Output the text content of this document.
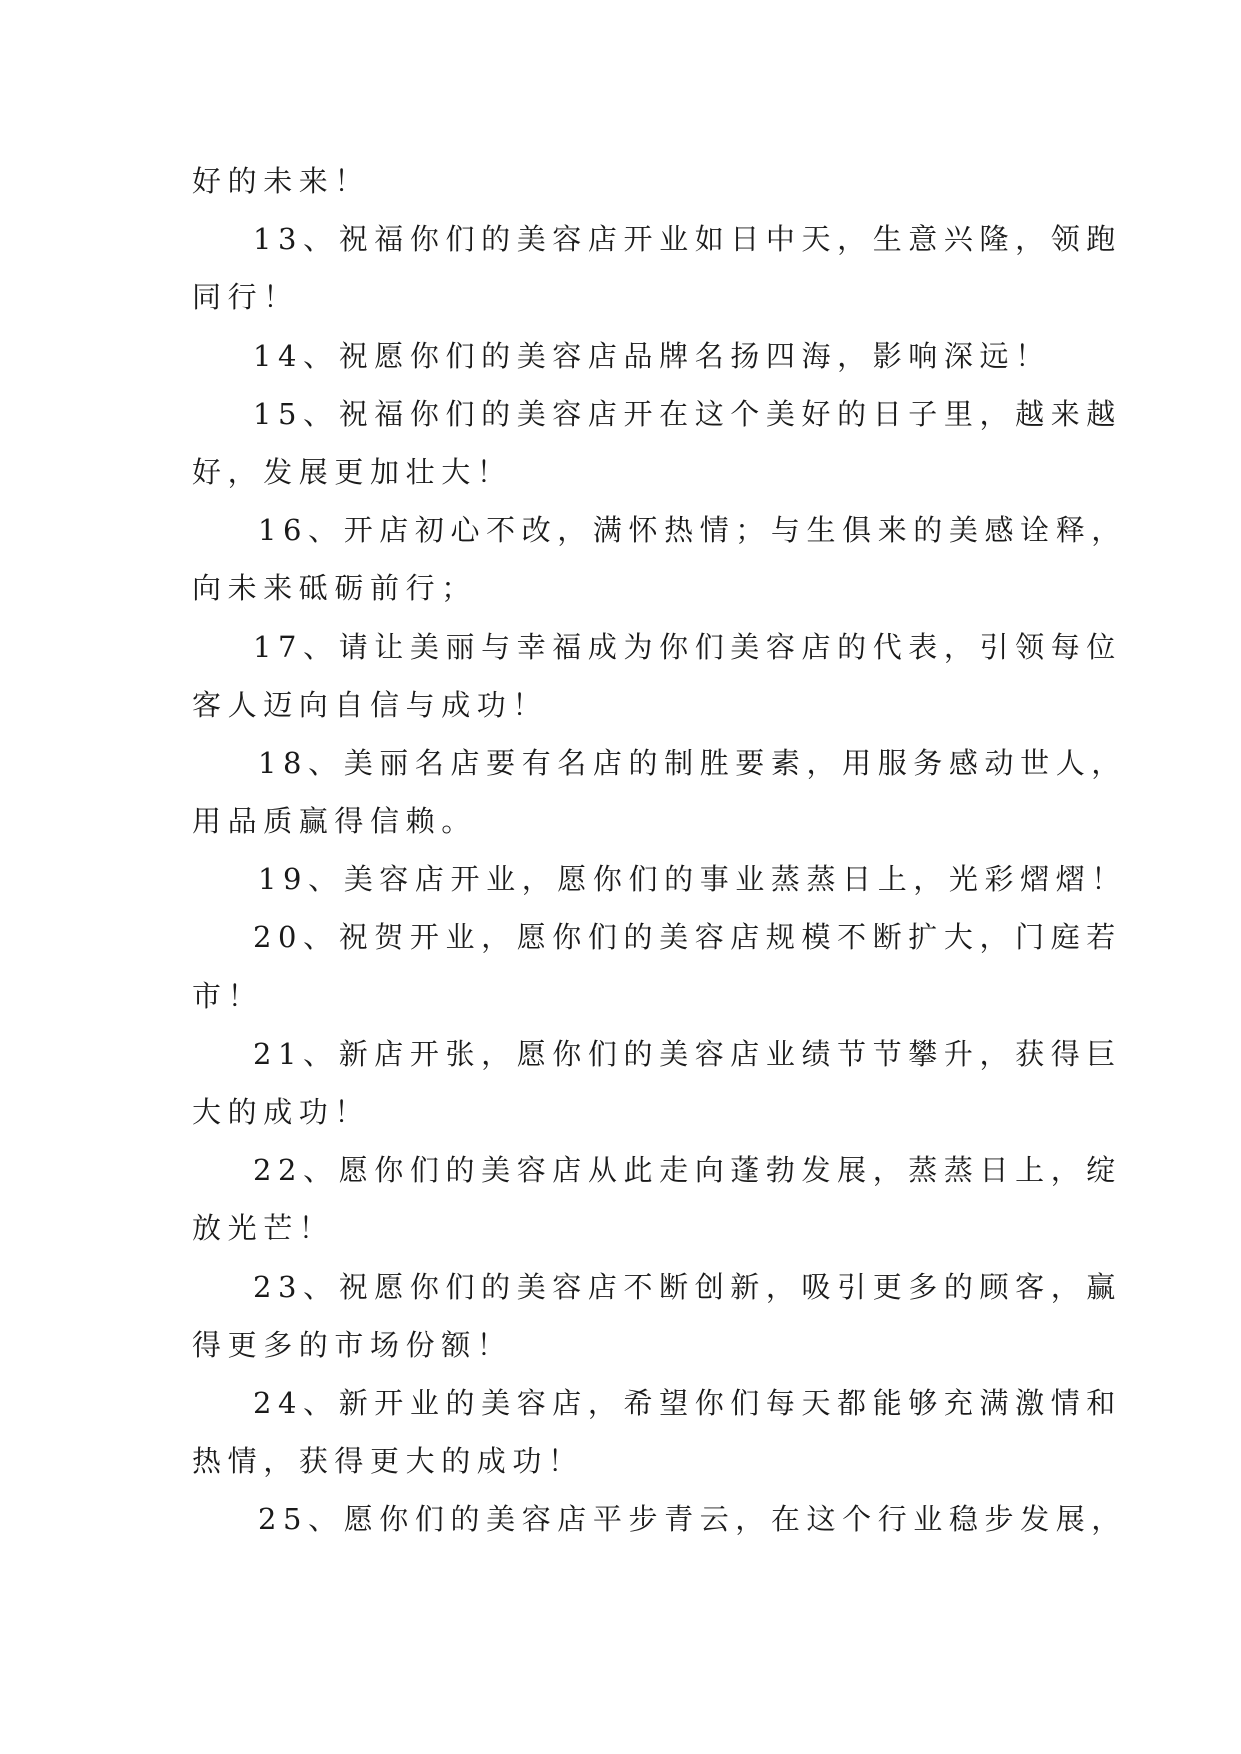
好的未来！
13、祝福你们的美容店开业如日中天，生意兴隆，领跑
同行！
14、祝愿你们的美容店品牌名扬四海，影响深远！
15、祝福你们的美容店开在这个美好的日子里，越来越
好，发展更加壮大！
16、开店初心不改，满怀热情；与生俱来的美感诠释，
向未来砥砺前行；
17、请让美丽与幸福成为你们美容店的代表，引领每位
客人迈向自信与成功！
18、美丽名店要有名店的制胜要素，用服务感动世人，
用品质赢得信赖。
19、美容店开业，愿你们的事业蒸蒸日上，光彩熠熠！
20、祝贺开业，愿你们的美容店规模不断扩大，门庭若
市！
21、新店开张，愿你们的美容店业绩节节攀升，获得巨
大的成功！
22、愿你们的美容店从此走向蓬勃发展，蒸蒸日上，绽
放光芒！
23、祝愿你们的美容店不断创新，吸引更多的顾客，赢
得更多的市场份额！
24、新开业的美容店，希望你们每天都能够充满激情和
热情，获得更大的成功！
25、愿你们的美容店平步青云，在这个行业稳步发展，
